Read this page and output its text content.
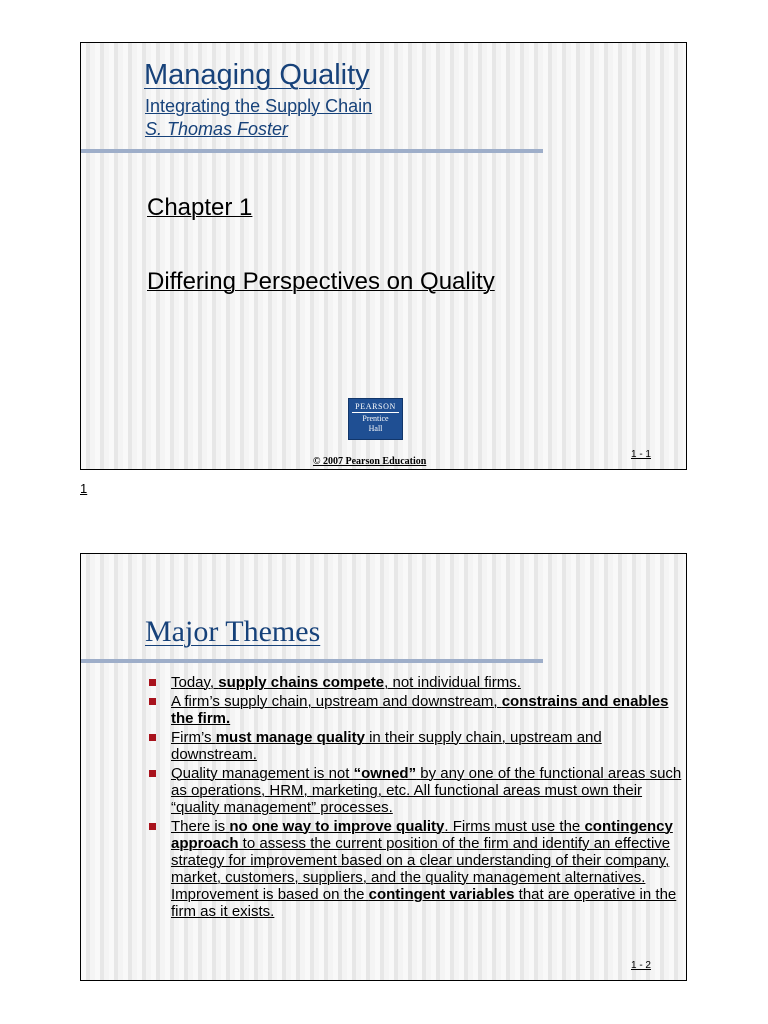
Managing Quality
Integrating the Supply Chain
S. Thomas Foster
Chapter 1
Differing Perspectives on Quality
PEARSON
Prentice
Hall
© 2007 Pearson Education
1 - 1
1
Major Themes
Today, supply chains compete, not individual firms.
A firm’s supply chain, upstream and downstream, constrains and enables the firm.
Firm’s must manage quality in their supply chain, upstream and downstream.
Quality management is not “owned” by any one of the functional areas such as operations, HRM, marketing, etc. All functional areas must own their “quality management” processes.
There is no one way to improve quality. Firms must use the contingency approach to assess the current position of the firm and identify an effective strategy for improvement based on a clear understanding of their company, market, customers, suppliers, and the quality management alternatives. Improvement is based on the contingent variables that are operative in the firm as it exists.
1 - 2
